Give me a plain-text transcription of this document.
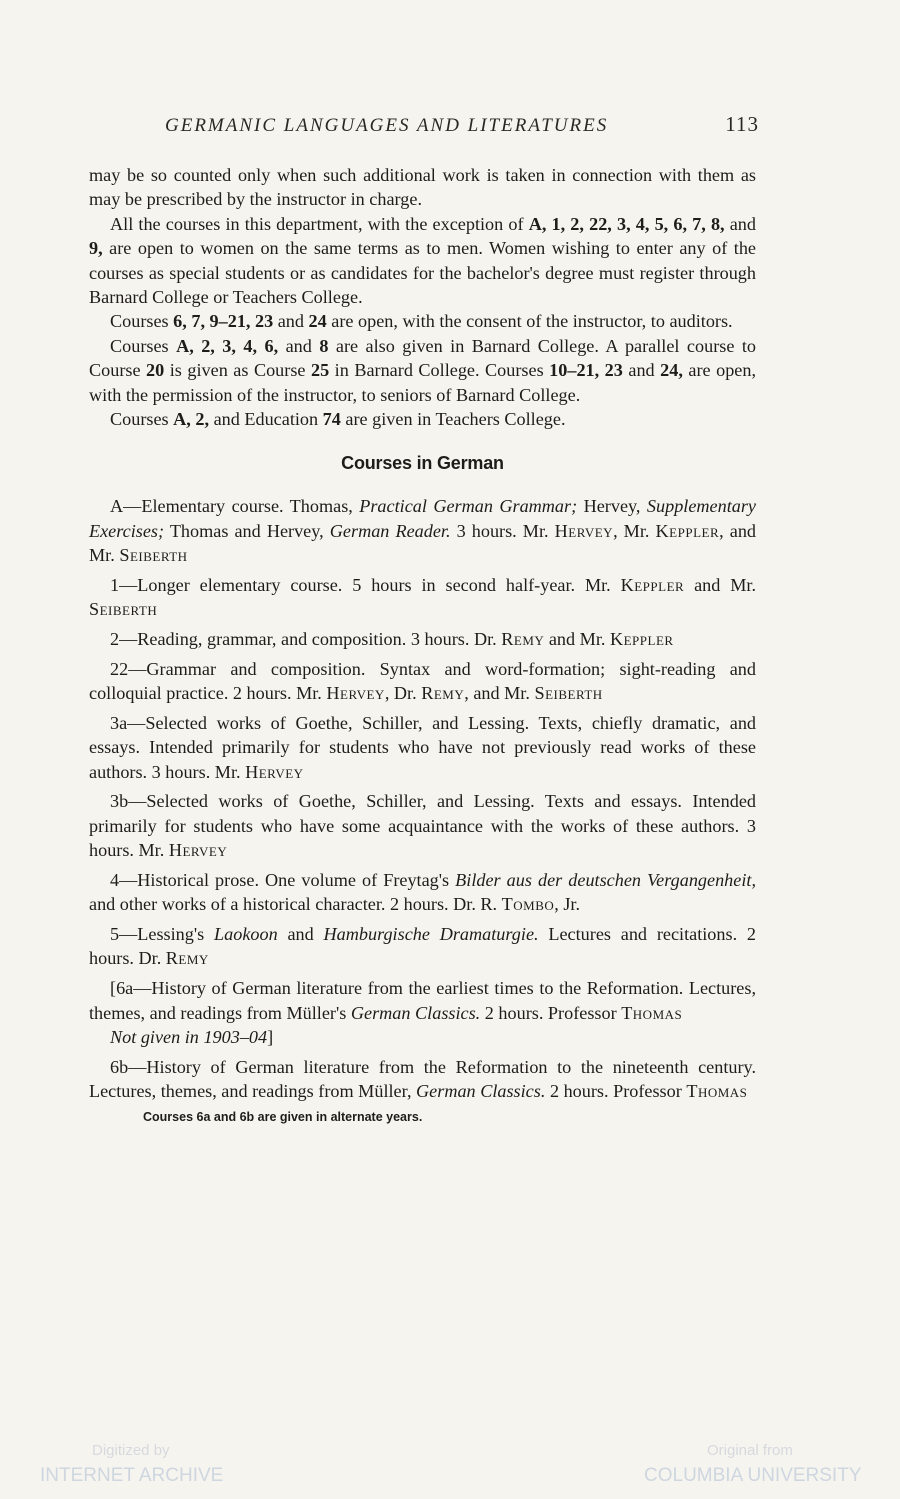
GERMANIC LANGUAGES AND LITERATURES	113

may be so counted only when such additional work is taken in connection with them as may be prescribed by the instructor in charge.

All the courses in this department, with the exception of A, 1, 2, 22, 3, 4, 5, 6, 7, 8, and 9, are open to women on the same terms as to men. Women wishing to enter any of the courses as special students or as candidates for the bachelor's degree must register through Barnard College or Teachers College.

Courses 6, 7, 9–21, 23 and 24 are open, with the consent of the instructor, to auditors.

Courses A, 2, 3, 4, 6, and 8 are also given in Barnard College. A parallel course to Course 20 is given as Course 25 in Barnard College. Courses 10–21, 23 and 24, are open, with the permission of the instructor, to seniors of Barnard College.

Courses A, 2, and Education 74 are given in Teachers College.

Courses in German

A—Elementary course. Thomas, Practical German Grammar; Hervey, Supplementary Exercises; Thomas and Hervey, German Reader. 3 hours. Mr. Hervey, Mr. Keppler, and Mr. Seiberth

1—Longer elementary course. 5 hours in second half-year. Mr. Keppler and Mr. Seiberth

2—Reading, grammar, and composition. 3 hours. Dr. Remy and Mr. Keppler

22—Grammar and composition. Syntax and word-formation; sight-reading and colloquial practice. 2 hours. Mr. Hervey, Dr. Remy, and Mr. Seiberth

3a—Selected works of Goethe, Schiller, and Lessing. Texts, chiefly dramatic, and essays. Intended primarily for students who have not previously read works of these authors. 3 hours. Mr. Hervey

3b—Selected works of Goethe, Schiller, and Lessing. Texts and essays. Intended primarily for students who have some acquaintance with the works of these authors. 3 hours. Mr. Hervey

4—Historical prose. One volume of Freytag's Bilder aus der deutschen Vergangenheit, and other works of a historical character. 2 hours. Dr. R. Tombo, Jr.

5—Lessing's Laokoon and Hamburgische Dramaturgie. Lectures and recitations. 2 hours. Dr. Remy

[6a—History of German literature from the earliest times to the Reformation. Lectures, themes, and readings from Müller's German Classics. 2 hours. Professor Thomas

Not given in 1903–04]

6b—History of German literature from the Reformation to the nineteenth century. Lectures, themes, and readings from Müller, German Classics. 2 hours. Professor Thomas

Courses 6a and 6b are given in alternate years.

Digitized by
INTERNET ARCHIVE
Original from
COLUMBIA UNIVERSITY
